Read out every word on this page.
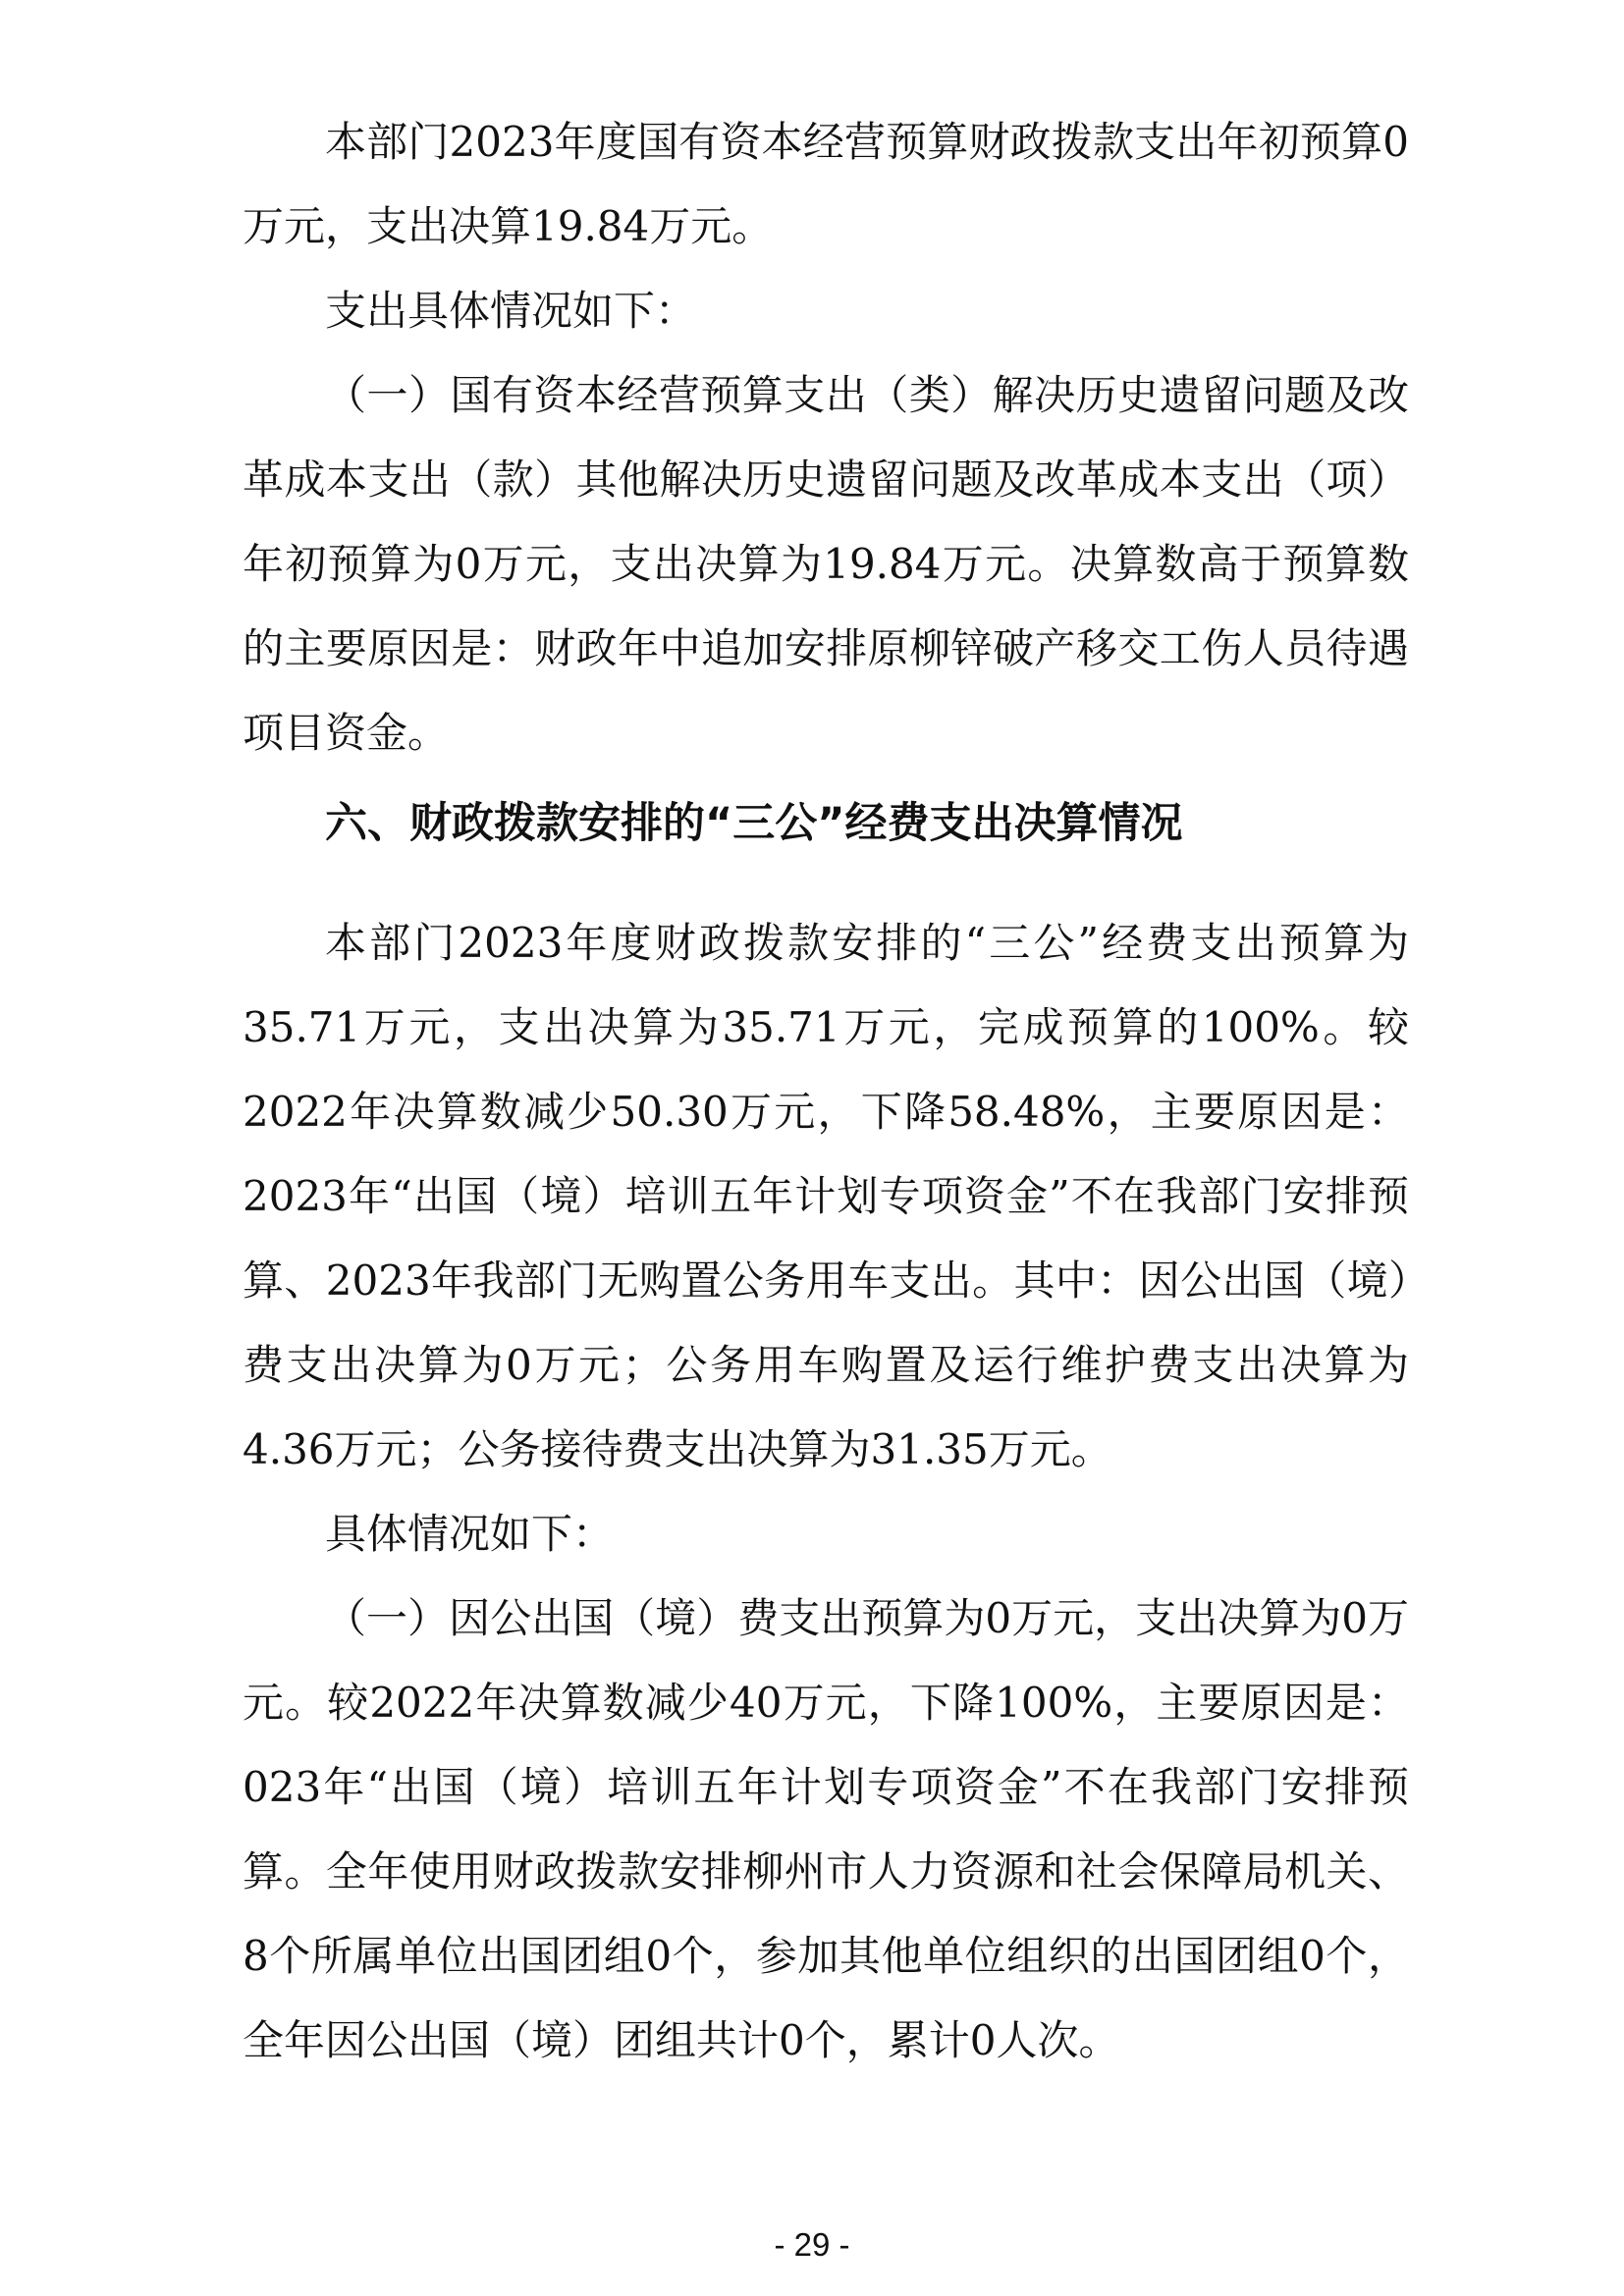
本部门2023年度国有资本经营预算财政拨款支出年初预算0万元，支出决算19.84万元。

支出具体情况如下：

（一）国有资本经营预算支出（类）解决历史遗留问题及改革成本支出（款）其他解决历史遗留问题及改革成本支出（项）年初预算为0万元，支出决算为19.84万元。决算数高于预算数的主要原因是：财政年中追加安排原柳锌破产移交工伤人员待遇项目资金。

六、财政拨款安排的“三公”经费支出决算情况

本部门2023年度财政拨款安排的“三公”经费支出预算为35.71万元，支出决算为35.71万元，完成预算的100%。较2022年决算数减少50.30万元，下降58.48%，主要原因是：2023年“出国（境）培训五年计划专项资金”不在我部门安排预算、2023年我部门无购置公务用车支出。其中：因公出国（境）费支出决算为0万元；公务用车购置及运行维护费支出决算为4.36万元；公务接待费支出决算为31.35万元。

具体情况如下：

（一）因公出国（境）费支出预算为0万元，支出决算为0万元。较2022年决算数减少40万元，下降100%，主要原因是：023年“出国（境）培训五年计划专项资金”不在我部门安排预算。全年使用财政拨款安排柳州市人力资源和社会保障局机关、8个所属单位出国团组0个，参加其他单位组织的出国团组0个，全年因公出国（境）团组共计0个，累计0人次。

- 29 -
